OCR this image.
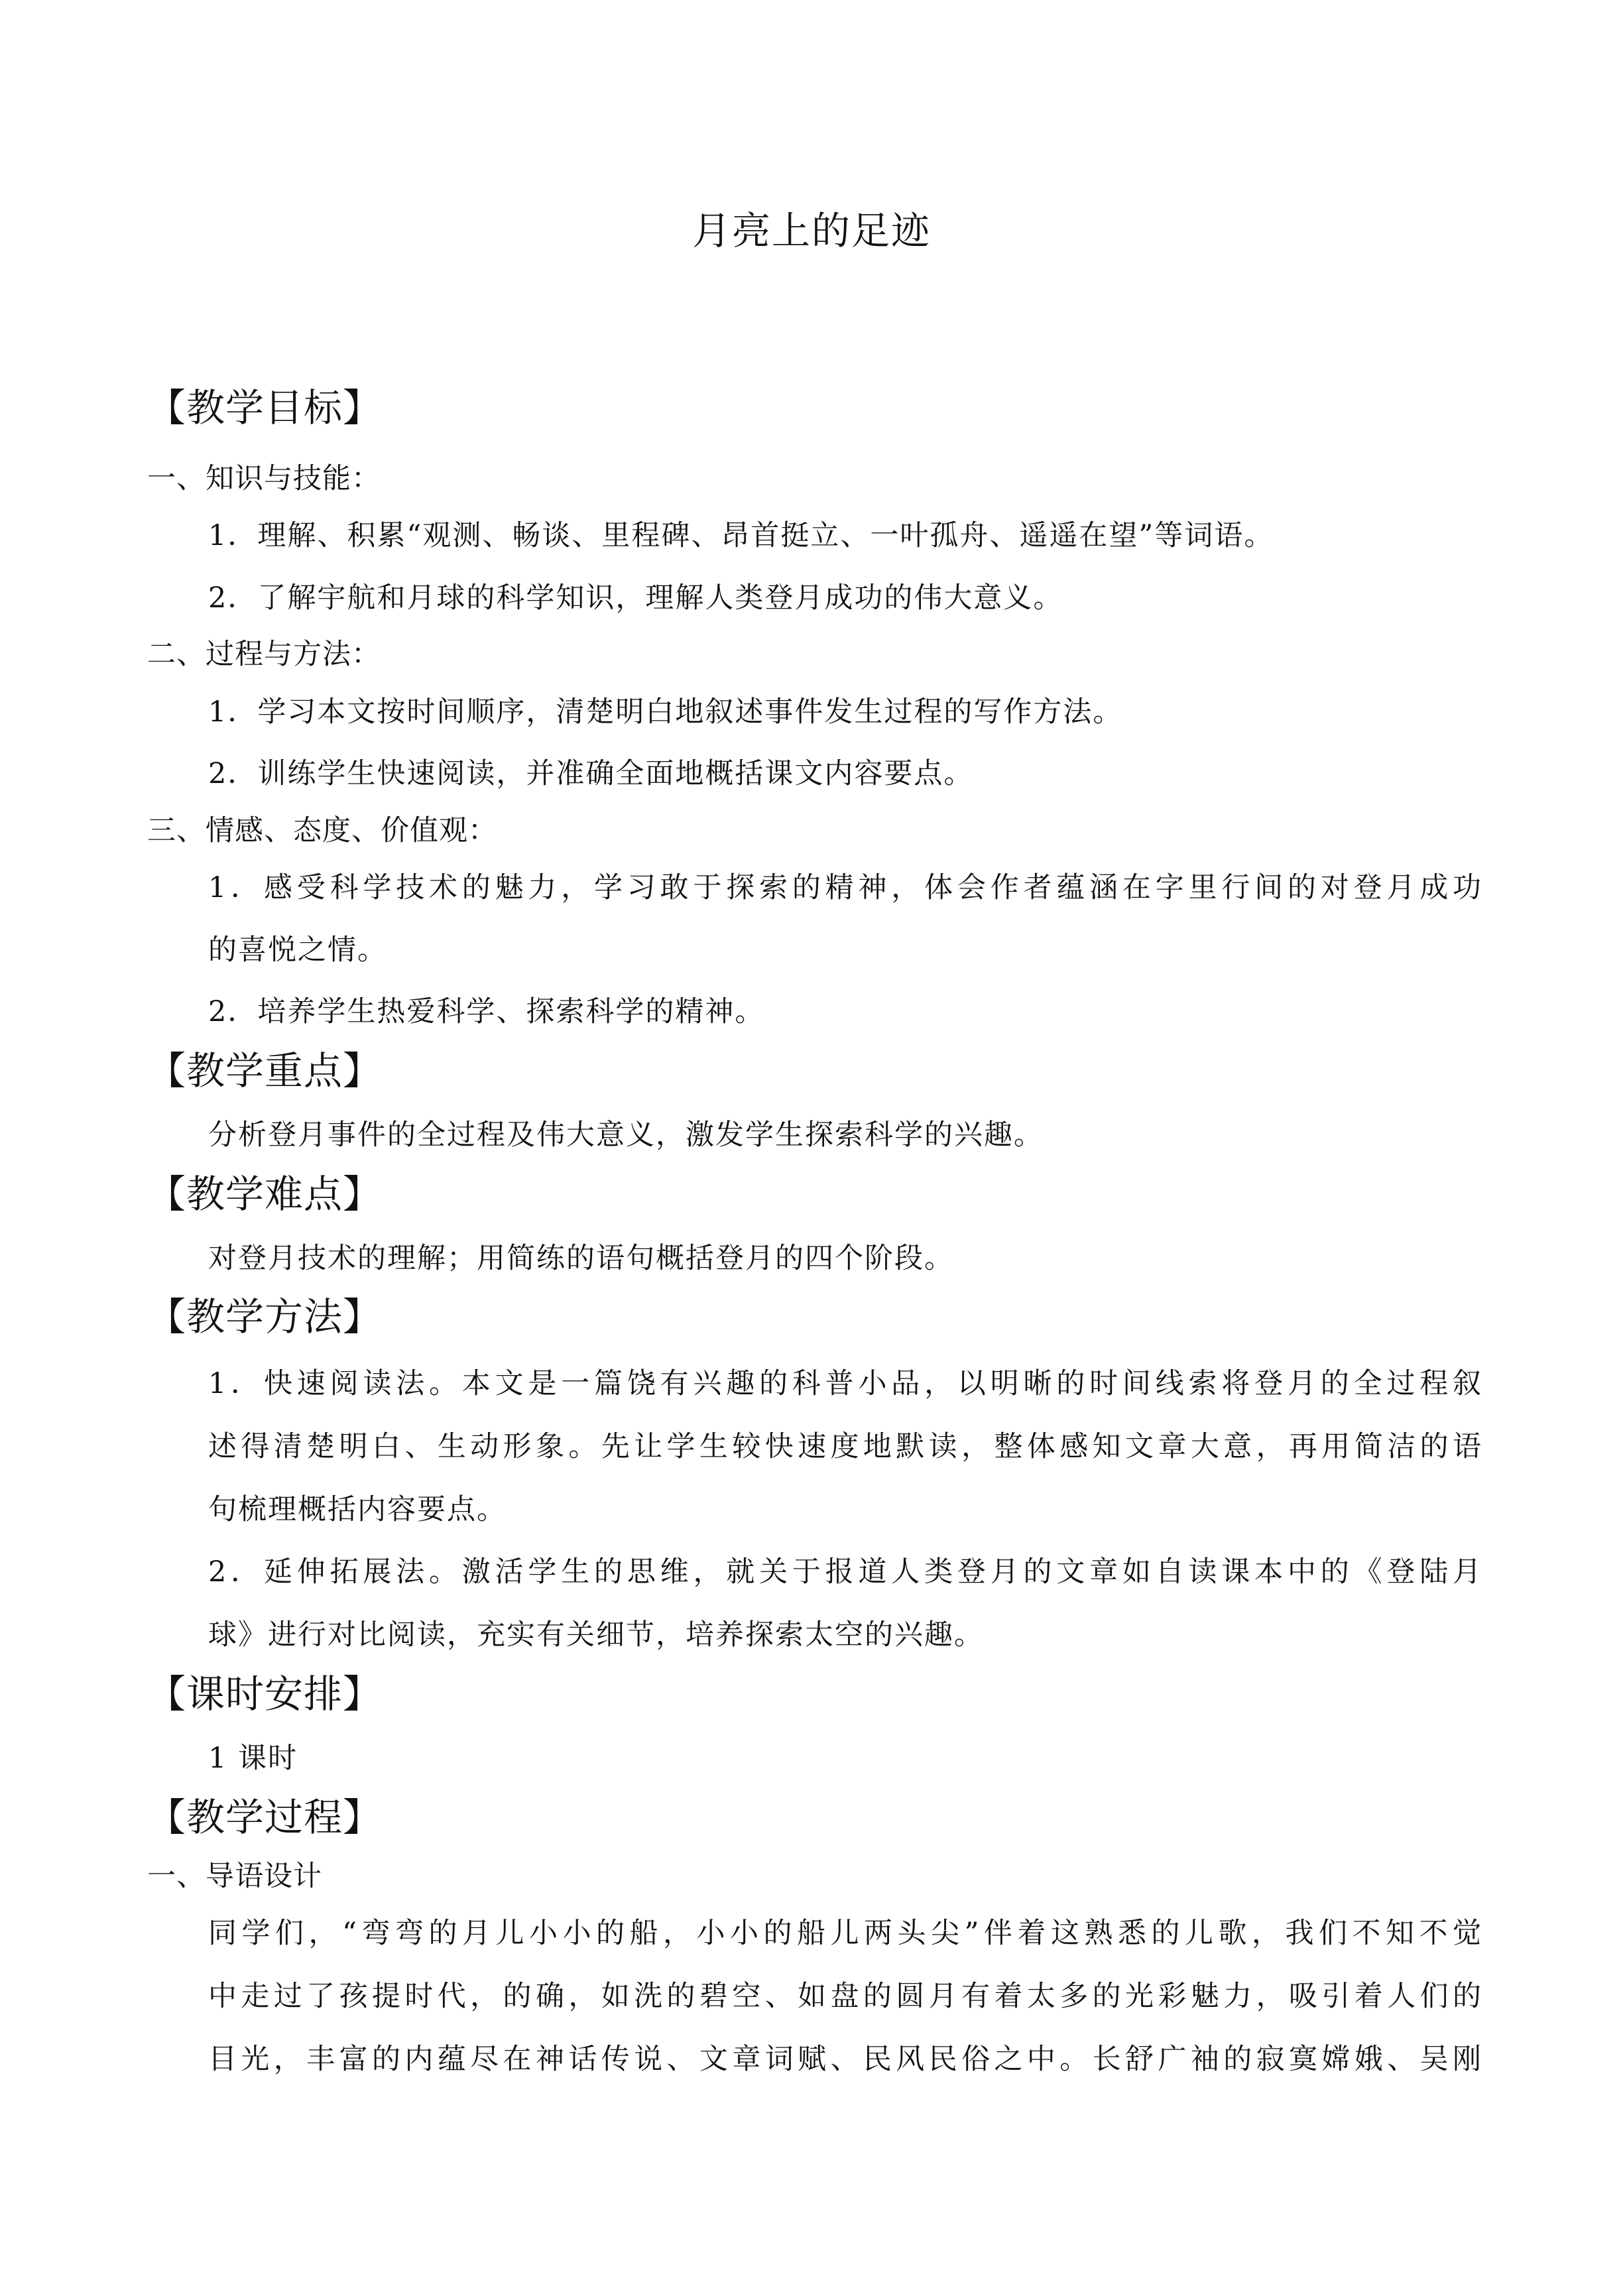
月亮上的足迹
【教学目标】
一、知识与技能：
1．理解、积累“观测、畅谈、里程碑、昂首挺立、一叶孤舟、遥遥在望”等词语。
2．了解宇航和月球的科学知识，理解人类登月成功的伟大意义。
二、过程与方法：
1．学习本文按时间顺序，清楚明白地叙述事件发生过程的写作方法。
2．训练学生快速阅读，并准确全面地概括课文内容要点。
三、情感、态度、价值观：
1．感受科学技术的魅力，学习敢于探索的精神，体会作者蕴涵在字里行间的对登月成功
的喜悦之情。
2．培养学生热爱科学、探索科学的精神。
【教学重点】
分析登月事件的全过程及伟大意义，激发学生探索科学的兴趣。
【教学难点】
对登月技术的理解；用简练的语句概括登月的四个阶段。
【教学方法】
1．快速阅读法。本文是一篇饶有兴趣的科普小品，以明晰的时间线索将登月的全过程叙
述得清楚明白、生动形象。先让学生较快速度地默读，整体感知文章大意，再用简洁的语
句梳理概括内容要点。
2．延伸拓展法。激活学生的思维，就关于报道人类登月的文章如自读课本中的《登陆月
球》进行对比阅读，充实有关细节，培养探索太空的兴趣。
【课时安排】
1 课时
【教学过程】
一、导语设计
同学们，“弯弯的月儿小小的船，小小的船儿两头尖”伴着这熟悉的儿歌，我们不知不觉
中走过了孩提时代，的确，如洗的碧空、如盘的圆月有着太多的光彩魅力，吸引着人们的
目光，丰富的内蕴尽在神话传说、文章词赋、民风民俗之中。长舒广袖的寂寞嫦娥、吴刚
